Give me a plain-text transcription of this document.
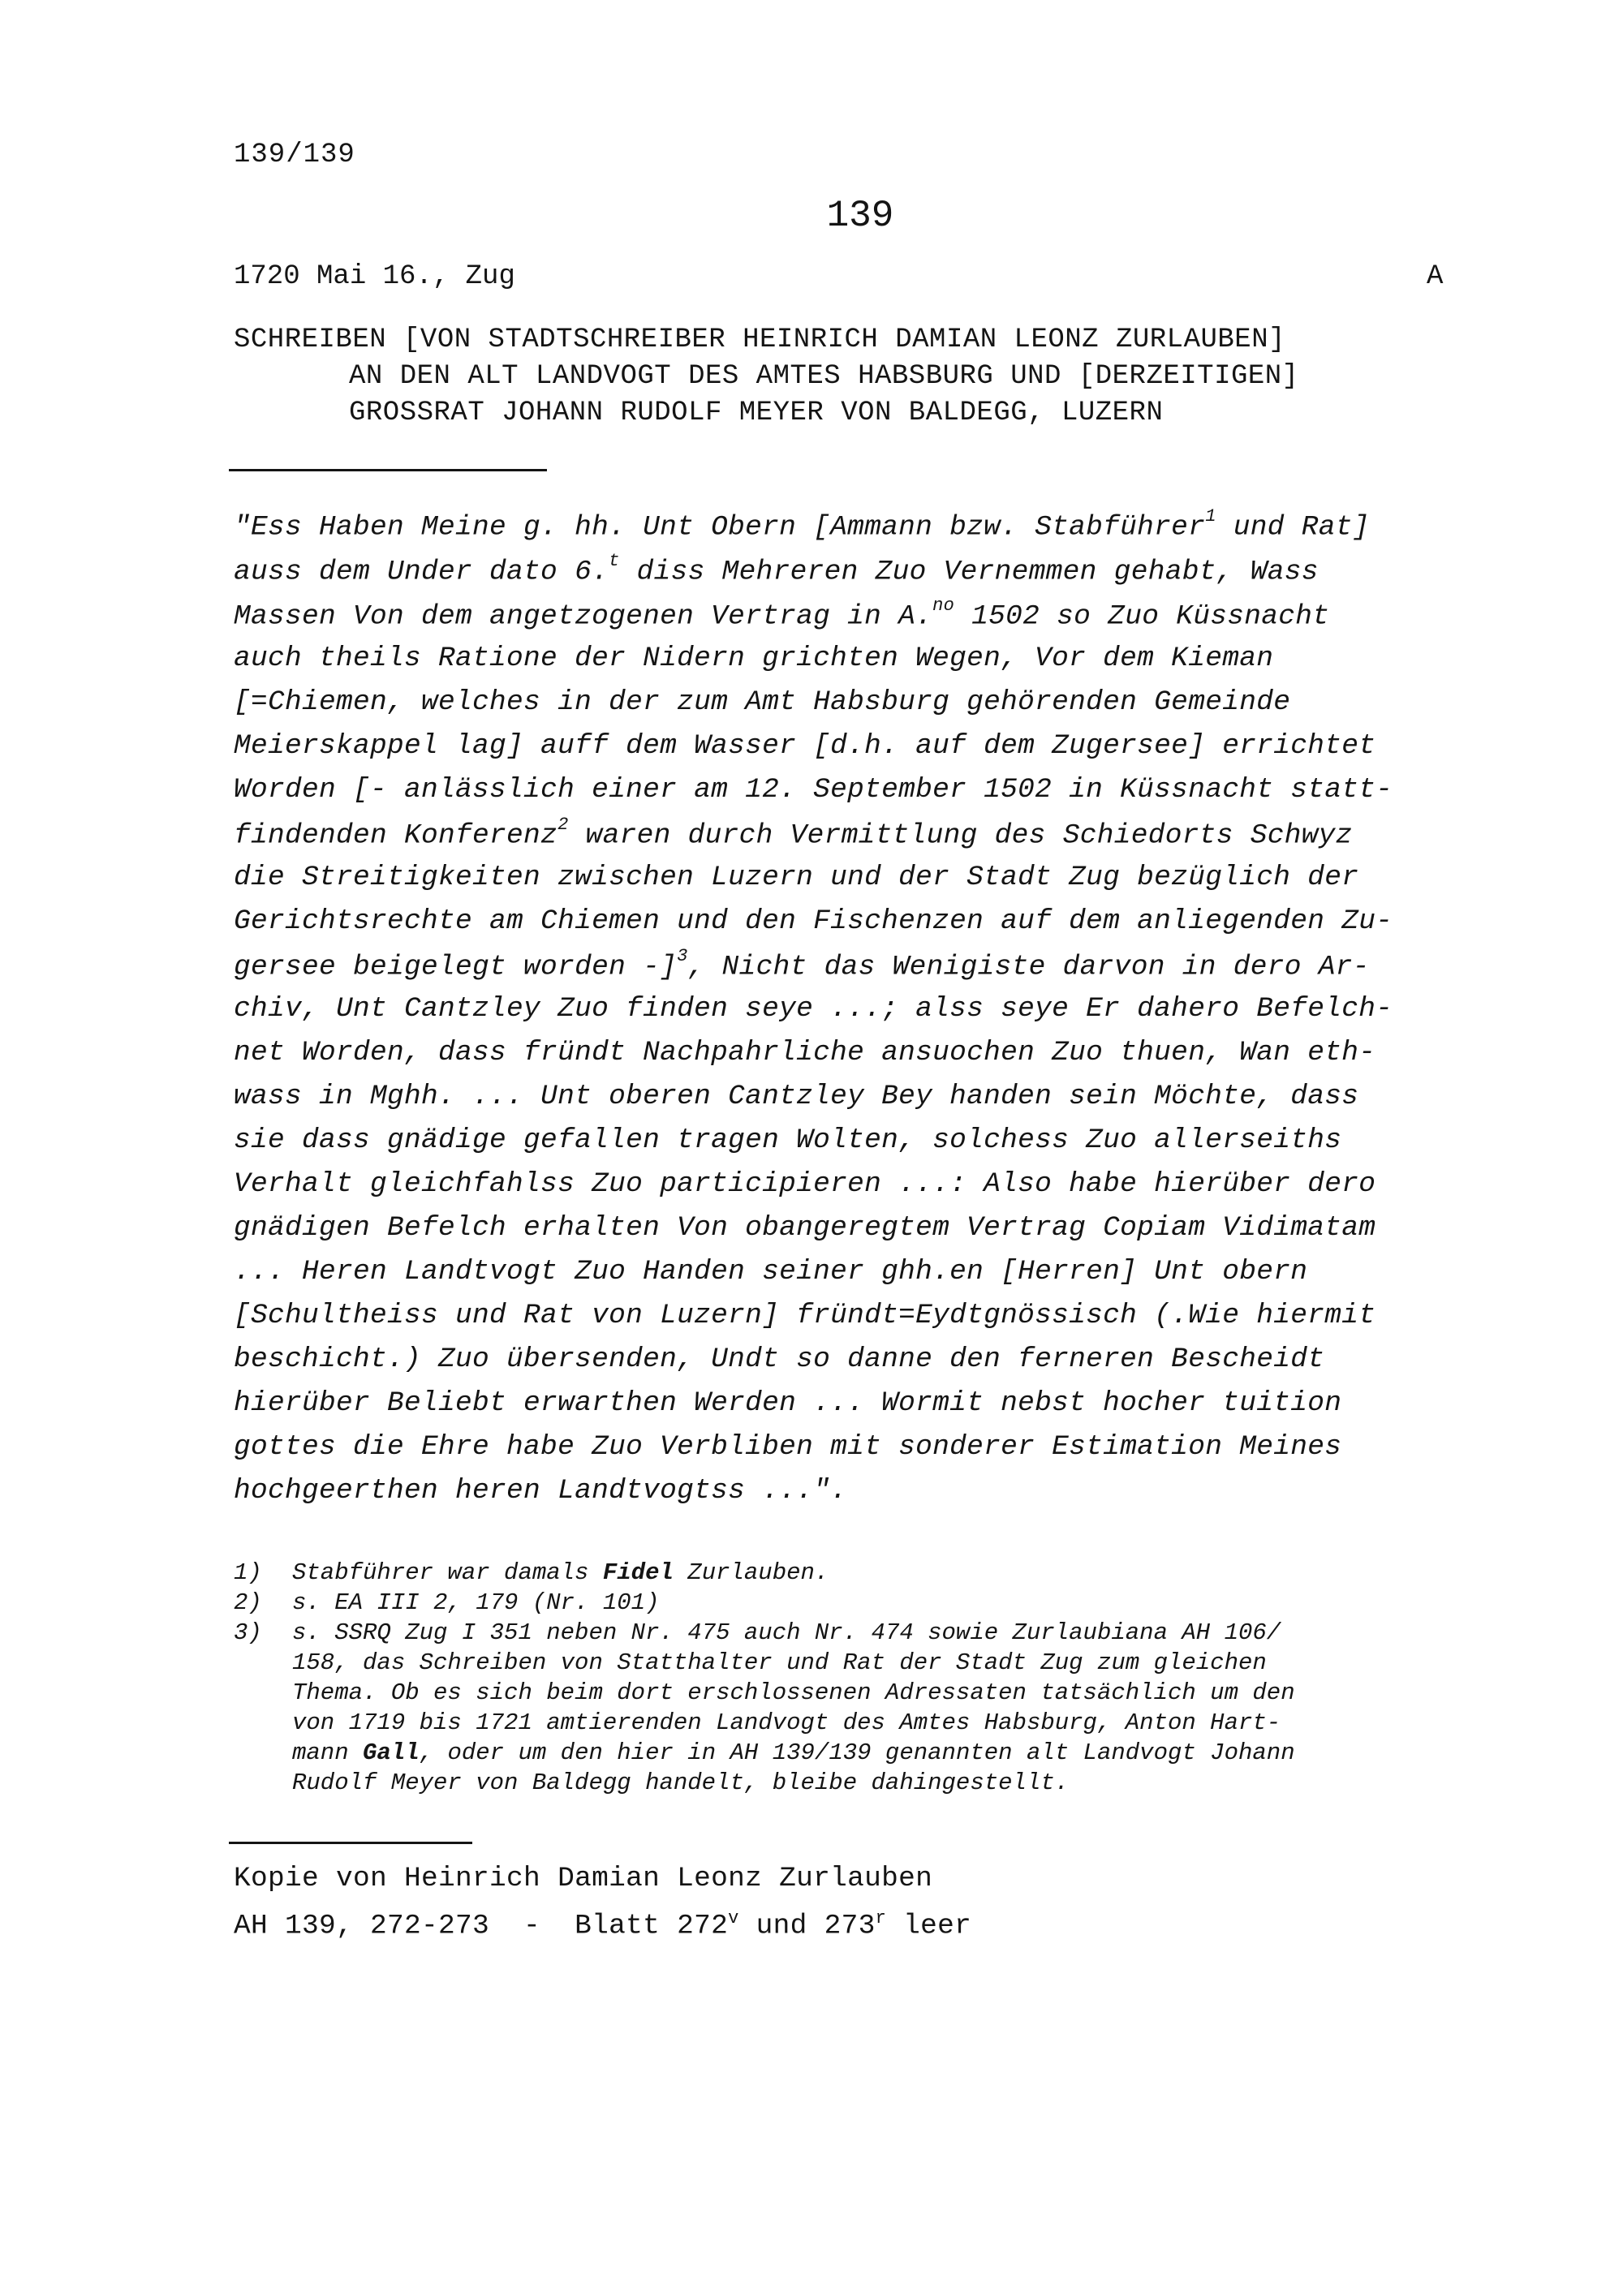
139/139
139
1720 Mai 16., Zug	A
SCHREIBEN [VON STADTSCHREIBER HEINRICH DAMIAN LEONZ ZURLAUBEN]
AN DEN ALT LANDVOGT DES AMTES HABSBURG UND [DERZEITIGEN]
GROSSRAT JOHANN RUDOLF MEYER VON BALDEGG, LUZERN
"Ess Haben Meine g. hh. Unt Obern [Ammann bzw. Stabführer$^1$ und Rat]
auss dem Under dato 6.$^t$ diss Mehreren Zuo Vernemmen gehabt, Wass
Massen Von dem angetzogenen Vertrag in A.$^{no}$ 1502 so Zuo Küssnacht
auch theils Ratione der Nidern grichten Wegen, Vor dem Kieman
[=Chiemen, welches in der zum Amt Habsburg gehörenden Gemeinde
Meierskappel lag] auff dem Wasser [d.h. auf dem Zugersee] errichtet
Worden [- anlässlich einer am 12. September 1502 in Küssnacht statt-
findenden Konferenz$^2$ waren durch Vermittlung des Schiedorts Schwyz
die Streitigkeiten zwischen Luzern und der Stadt Zug bezüglich der
Gerichtsrechte am Chiemen und den Fischenzen auf dem anliegenden Zu-
gersee beigelegt worden -]$^3$, Nicht das Wenigiste darvon in dero Ar-
chiv, Unt Cantzley Zuo finden seye ...; alss seye Er dahero Befelch-
net Worden, dass fründt Nachpahrliche ansuochen Zuo thuen, Wan eth-
wass in Mghh. ... Unt oberen Cantzley Bey handen sein Möchte, dass
sie dass gnädige gefallen tragen Wolten, solchess Zuo allerseiths
Verhalt gleichfahlss Zuo participieren ...: Also habe hierüber dero
gnädigen Befelch erhalten Von obangeregtem Vertrag Copiam Vidimatam
... Heren Landtvogt Zuo Handen seiner ghh.en [Herren] Unt obern
[Schultheiss und Rat von Luzern] fründt=Eydtgnössisch (.Wie hiermit
beschicht.) Zuo übersenden, Undt so danne den ferneren Bescheidt
hierüber Beliebt erwarthen Werden ... Wormit nebst hocher tuition
gottes die Ehre habe Zuo Verbliben mit sonderer Estimation Meines
hochgeerthen heren Landtvogtss ...".
1) Stabführer war damals Fidel Zurlauben.
2) s. EA III 2, 179 (Nr. 101)
3) s. SSRQ Zug I 351 neben Nr. 475 auch Nr. 474 sowie Zurlaubiana AH 106/
158, das Schreiben von Statthalter und Rat der Stadt Zug zum gleichen
Thema. Ob es sich beim dort erschlossenen Adressaten tatsächlich um den
von 1719 bis 1721 amtierenden Landvogt des Amtes Habsburg, Anton Hart-
mann Gall, oder um den hier in AH 139/139 genannten alt Landvogt Johann
Rudolf Meyer von Baldegg handelt, bleibe dahingestellt.
Kopie von Heinrich Damian Leonz Zurlauben
AH 139, 272-273  -  Blatt 272$^v$ und 273$^r$ leer
